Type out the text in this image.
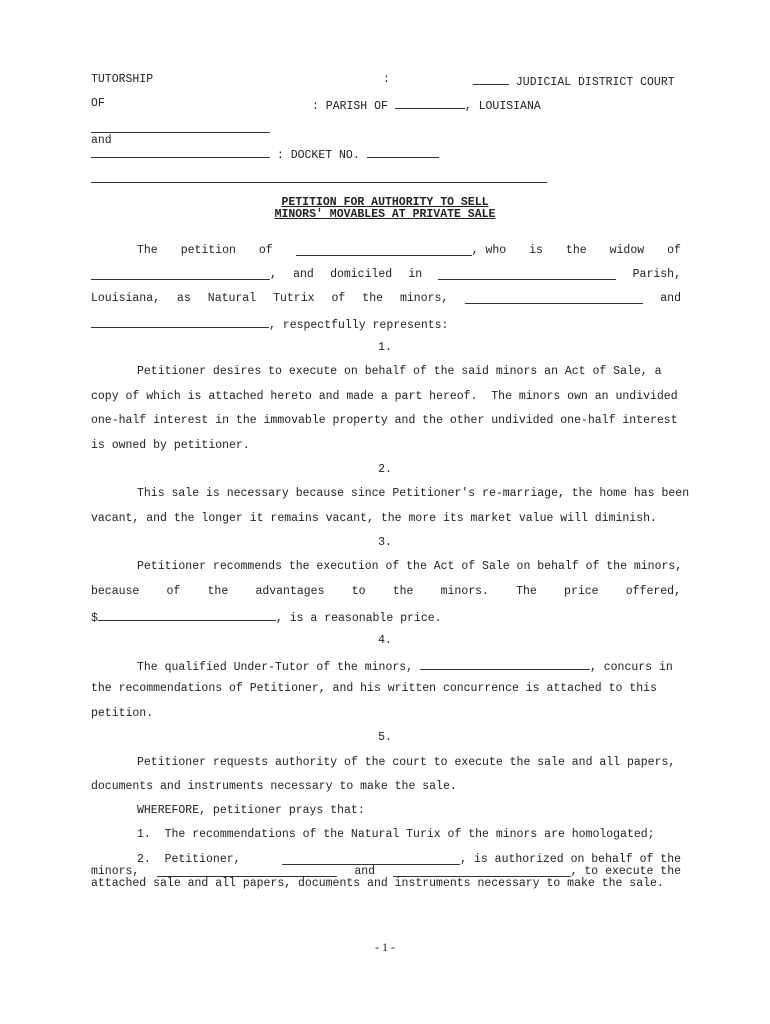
TUTORSHIP	:	JUDICIAL DISTRICT COURT
OF	: PARISH OF	, LOUISIANA
and
: DOCKET NO.
PETITION FOR AUTHORITY TO SELL
MINORS' MOVABLES AT PRIVATE SALE
The petition of	, who is the widow of
, and domiciled in	Parish,
Louisiana, as Natural Tutrix of the minors,	and
, respectfully represents:
1.
Petitioner desires to execute on behalf of the said minors an Act of Sale, a
copy of which is attached hereto and made a part hereof.  The minors own an undivided
one-half interest in the immovable property and the other undivided one-half interest
is owned by petitioner.
2.
This sale is necessary because since Petitioner's re-marriage, the home has been
vacant, and the longer it remains vacant, the more its market value will diminish.
3.
Petitioner recommends the execution of the Act of Sale on behalf of the minors,
because of the advantages to the minors. The price offered,
$	, is a reasonable price.
4.
The qualified Under-Tutor of the minors,	, concurs in
the recommendations of Petitioner, and his written concurrence is attached to this
petition.
5.
Petitioner requests authority of the court to execute the sale and all papers,
documents and instruments necessary to make the sale.
WHEREFORE, petitioner prays that:
1.  The recommendations of the Natural Turix of the minors are homologated;
2.  Petitioner,	, is authorized on behalf of the
minors,	and	, to execute the
attached sale and all papers, documents and instruments necessary to make the sale.
- 1 -
